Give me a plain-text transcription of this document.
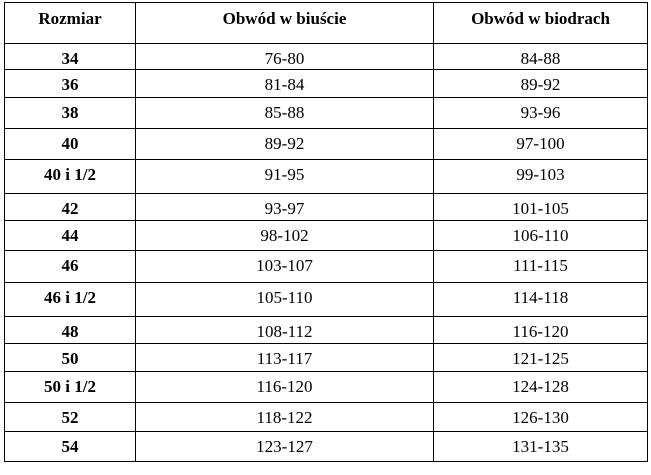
Rozmiar	Obwód w biuście	Obwód w biodrach
34	76-80	84-88
36	81-84	89-92
38	85-88	93-96
40	89-92	97-100
40 i 1/2	91-95	99-103
42	93-97	101-105
44	98-102	106-110
46	103-107	111-115
46 i 1/2	105-110	114-118
48	108-112	116-120
50	113-117	121-125
50 i 1/2	116-120	124-128
52	118-122	126-130
54	123-127	131-135
